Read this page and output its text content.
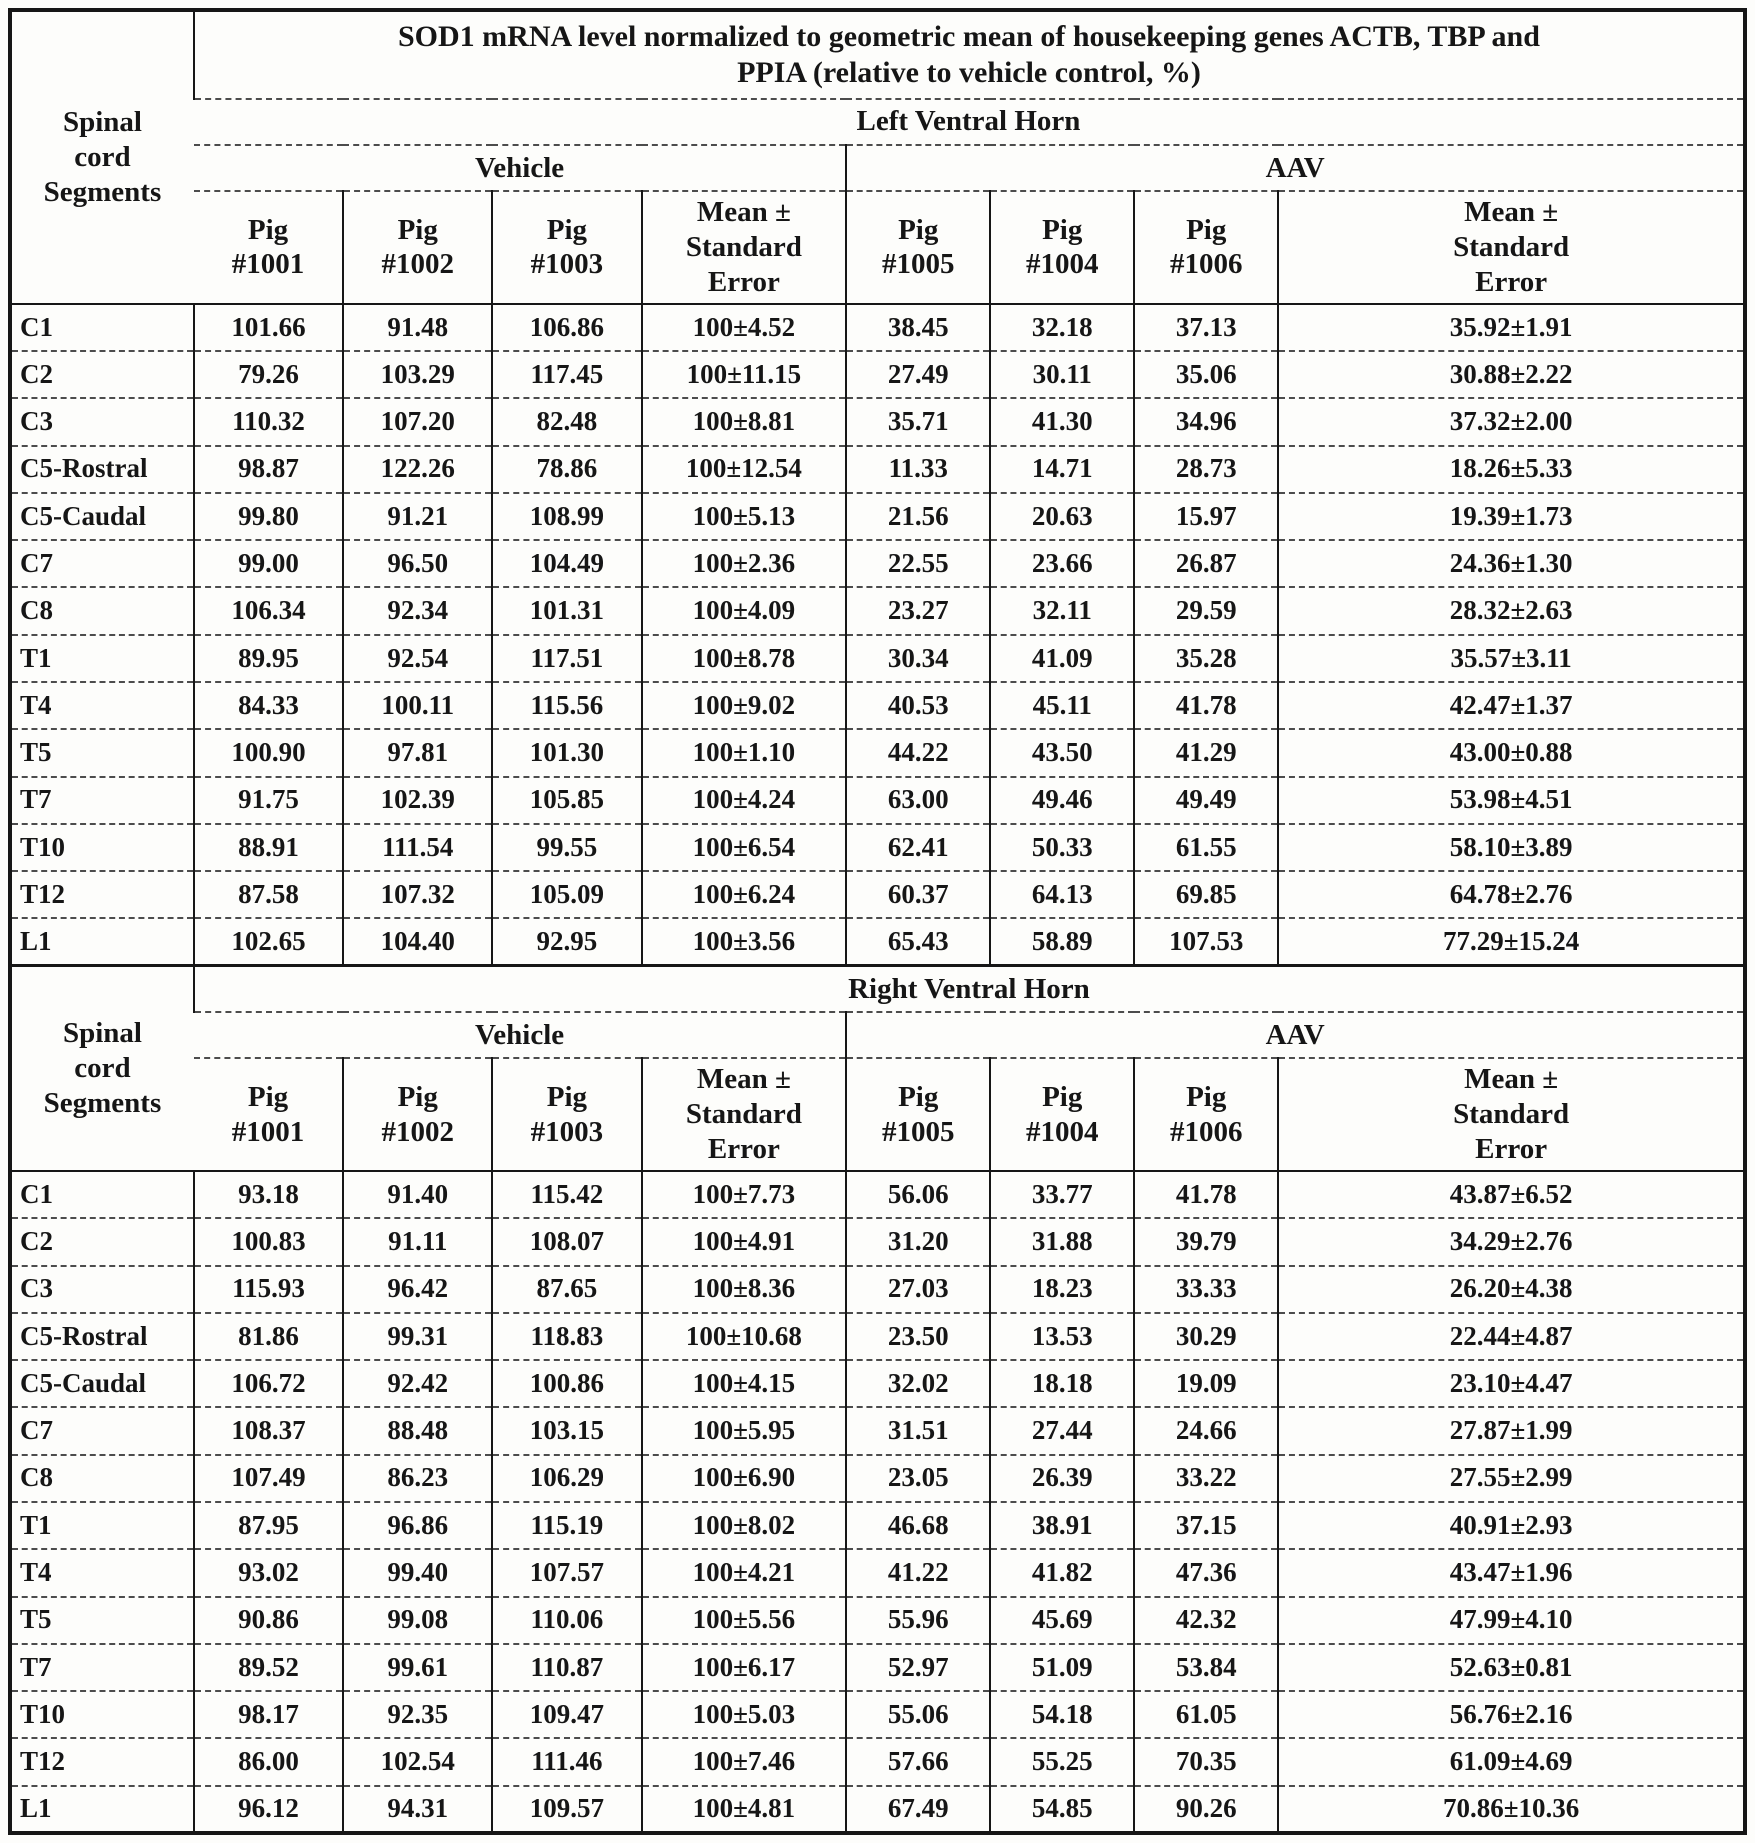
Spinal
cord
Segments	SOD1 mRNA level normalized to geometric mean of housekeeping genes ACTB, TBP and
PPIA (relative to vehicle control, %)							
	Left Ventral Horn							
	Vehicle				AAV			
	Pig
#1001	Pig
#1002	Pig
#1003	Mean ±
Standard
Error	Pig
#1005	Pig
#1004	Pig
#1006	Mean ±
Standard
Error
C1	101.66	91.48	106.86	100±4.52	38.45	32.18	37.13	35.92±1.91
C2	79.26	103.29	117.45	100±11.15	27.49	30.11	35.06	30.88±2.22
C3	110.32	107.20	82.48	100±8.81	35.71	41.30	34.96	37.32±2.00
C5-Rostral	98.87	122.26	78.86	100±12.54	11.33	14.71	28.73	18.26±5.33
C5-Caudal	99.80	91.21	108.99	100±5.13	21.56	20.63	15.97	19.39±1.73
C7	99.00	96.50	104.49	100±2.36	22.55	23.66	26.87	24.36±1.30
C8	106.34	92.34	101.31	100±4.09	23.27	32.11	29.59	28.32±2.63
T1	89.95	92.54	117.51	100±8.78	30.34	41.09	35.28	35.57±3.11
T4	84.33	100.11	115.56	100±9.02	40.53	45.11	41.78	42.47±1.37
T5	100.90	97.81	101.30	100±1.10	44.22	43.50	41.29	43.00±0.88
T7	91.75	102.39	105.85	100±4.24	63.00	49.46	49.49	53.98±4.51
T10	88.91	111.54	99.55	100±6.54	62.41	50.33	61.55	58.10±3.89
T12	87.58	107.32	105.09	100±6.24	60.37	64.13	69.85	64.78±2.76
L1	102.65	104.40	92.95	100±3.56	65.43	58.89	107.53	77.29±15.24
Spinal
cord
Segments	Right Ventral Horn							
	Vehicle				AAV			
	Pig
#1001	Pig
#1002	Pig
#1003	Mean ±
Standard
Error	Pig
#1005	Pig
#1004	Pig
#1006	Mean ±
Standard
Error
C1	93.18	91.40	115.42	100±7.73	56.06	33.77	41.78	43.87±6.52
C2	100.83	91.11	108.07	100±4.91	31.20	31.88	39.79	34.29±2.76
C3	115.93	96.42	87.65	100±8.36	27.03	18.23	33.33	26.20±4.38
C5-Rostral	81.86	99.31	118.83	100±10.68	23.50	13.53	30.29	22.44±4.87
C5-Caudal	106.72	92.42	100.86	100±4.15	32.02	18.18	19.09	23.10±4.47
C7	108.37	88.48	103.15	100±5.95	31.51	27.44	24.66	27.87±1.99
C8	107.49	86.23	106.29	100±6.90	23.05	26.39	33.22	27.55±2.99
T1	87.95	96.86	115.19	100±8.02	46.68	38.91	37.15	40.91±2.93
T4	93.02	99.40	107.57	100±4.21	41.22	41.82	47.36	43.47±1.96
T5	90.86	99.08	110.06	100±5.56	55.96	45.69	42.32	47.99±4.10
T7	89.52	99.61	110.87	100±6.17	52.97	51.09	53.84	52.63±0.81
T10	98.17	92.35	109.47	100±5.03	55.06	54.18	61.05	56.76±2.16
T12	86.00	102.54	111.46	100±7.46	57.66	55.25	70.35	61.09±4.69
L1	96.12	94.31	109.57	100±4.81	67.49	54.85	90.26	70.86±10.36
